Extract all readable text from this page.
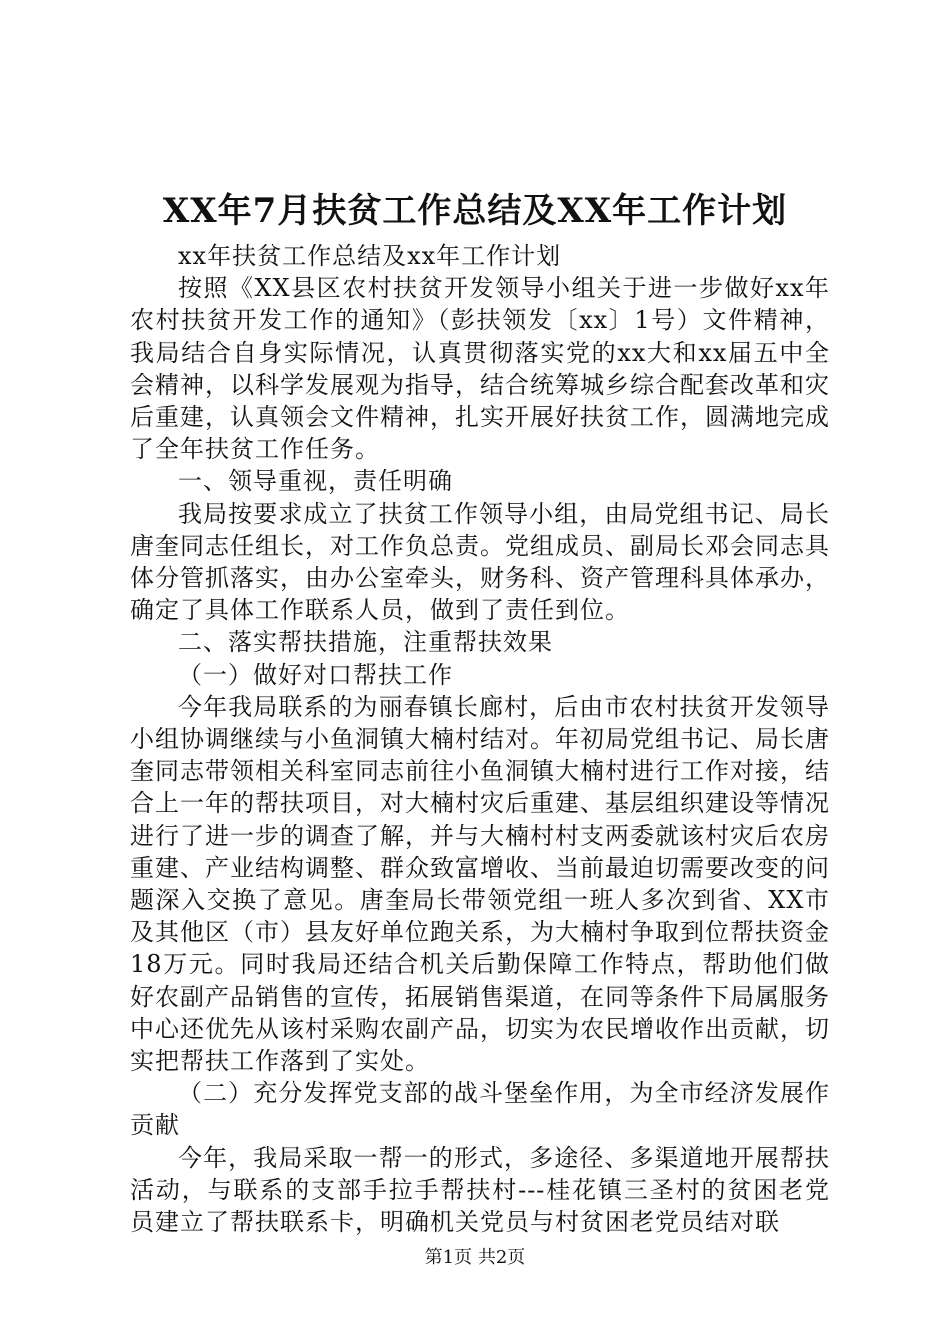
XX年7月扶贫工作总结及XX年工作计划

xx年扶贫工作总结及xx年工作计划

按照《XX县区农村扶贫开发领导小组关于进一步做好xx年农村扶贫开发工作的通知》（彭扶领发〔xx〕1号）文件精神，我局结合自身实际情况，认真贯彻落实党的xx大和xx届五中全会精神，以科学发展观为指导，结合统筹城乡综合配套改革和灾后重建，认真领会文件精神，扎实开展好扶贫工作，圆满地完成了全年扶贫工作任务。

一、领导重视，责任明确

我局按要求成立了扶贫工作领导小组，由局党组书记、局长唐奎同志任组长，对工作负总责。党组成员、副局长邓会同志具体分管抓落实，由办公室牵头，财务科、资产管理科具体承办，确定了具体工作联系人员，做到了责任到位。

二、落实帮扶措施，注重帮扶效果

（一）做好对口帮扶工作

今年我局联系的为丽春镇长廊村，后由市农村扶贫开发领导小组协调继续与小鱼洞镇大楠村结对。年初局党组书记、局长唐奎同志带领相关科室同志前往小鱼洞镇大楠村进行工作对接，结合上一年的帮扶项目，对大楠村灾后重建、基层组织建设等情况进行了进一步的调查了解，并与大楠村村支两委就该村灾后农房重建、产业结构调整、群众致富增收、当前最迫切需要改变的问题深入交换了意见。唐奎局长带领党组一班人多次到省、XX市及其他区（市）县友好单位跑关系，为大楠村争取到位帮扶资金18万元。同时我局还结合机关后勤保障工作特点，帮助他们做好农副产品销售的宣传，拓展销售渠道，在同等条件下局属服务中心还优先从该村采购农副产品，切实为农民增收作出贡献，切实把帮扶工作落到了实处。

（二）充分发挥党支部的战斗堡垒作用，为全市经济发展作贡献

今年，我局采取一帮一的形式，多途径、多渠道地开展帮扶活动，与联系的支部手拉手帮扶村---桂花镇三圣村的贫困老党员建立了帮扶联系卡，明确机关党员与村贫困老党员结对联

第1页 共2页
